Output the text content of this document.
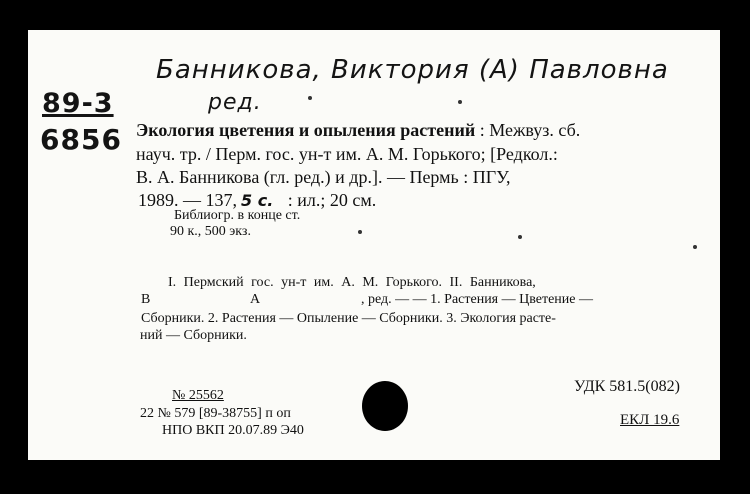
Банникова, Виктория (А) Павловна
ред.
89-3
6856 Экология цветения и опыления растений : Межвуз. сб.
науч. тр. / Перм. гос. ун-т им. А. М. Горького; [Редкол.:
В. А. Банникова (гл. ред.) и др.]. — Пермь : ПГУ,
1989. — 137, 5 с. : ил.; 20 см.
Библиогр. в конце ст.
90 к., 500 экз.
I. Пермский гос. ун-т им. А. М. Горького. II. Банникова,
В	А	, ред. — — 1. Растения — Цветение —
Сборники. 2. Растения — Опыление — Сборники. 3. Экология расте-
ний — Сборники.
УДК 581.5(082)
ЕКЛ 19.6
№ 25562
22 № 579 [89-38755] п оп
НПО ВКП 20.07.89 Э40
